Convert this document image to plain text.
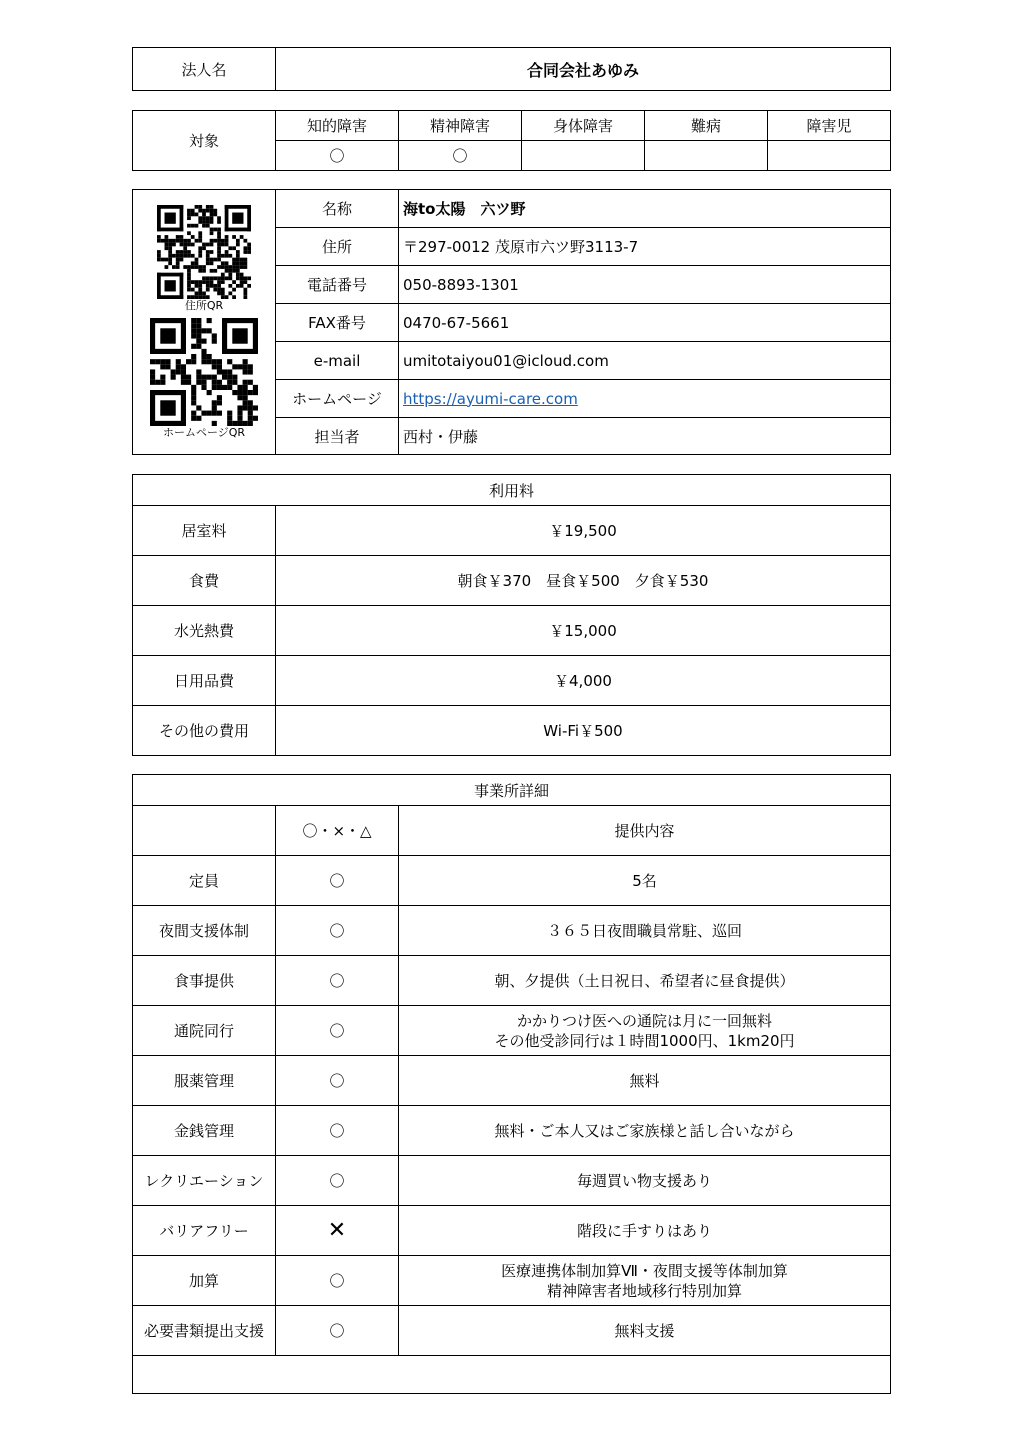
法人名	合同会社あゆみ
対象	知的障害	精神障害	身体障害	難病	障害児
	〇	〇			
住所QR
ホームページQR	名称	海to太陽　六ツ野
	住所	〒297-0012 茂原市六ツ野3113-7
	電話番号	050-8893-1301
	FAX番号	0470-67-5661
	e-mail	umitotaiyou01@icloud.com
	ホームページ	https://ayumi-care.com
	担当者	西村・伊藤
利用料	
居室料	￥19,500
食費	朝食￥370　昼食￥500　夕食￥530
水光熱費	￥15,000
日用品費	￥4,000
その他の費用	Wi-Fi￥500
事業所詳細		
	〇・×・△	提供内容
定員	〇	5名
夜間支援体制	〇	３６５日夜間職員常駐、巡回
食事提供	〇	朝、夕提供（土日祝日、希望者に昼食提供）
通院同行	〇	かかりつけ医への通院は月に一回無料
その他受診同行は１時間1000円、1km20円

服薬管理	〇	無料
金銭管理	〇	無料・ご本人又はご家族様と話し合いながら
レクリエーション	〇	毎週買い物支援あり
バリアフリー	✕	階段に手すりはあり
加算	〇	医療連携体制加算Ⅶ・夜間支援等体制加算
精神障害者地域移行特別加算

必要書類提出支援	〇	無料支援
